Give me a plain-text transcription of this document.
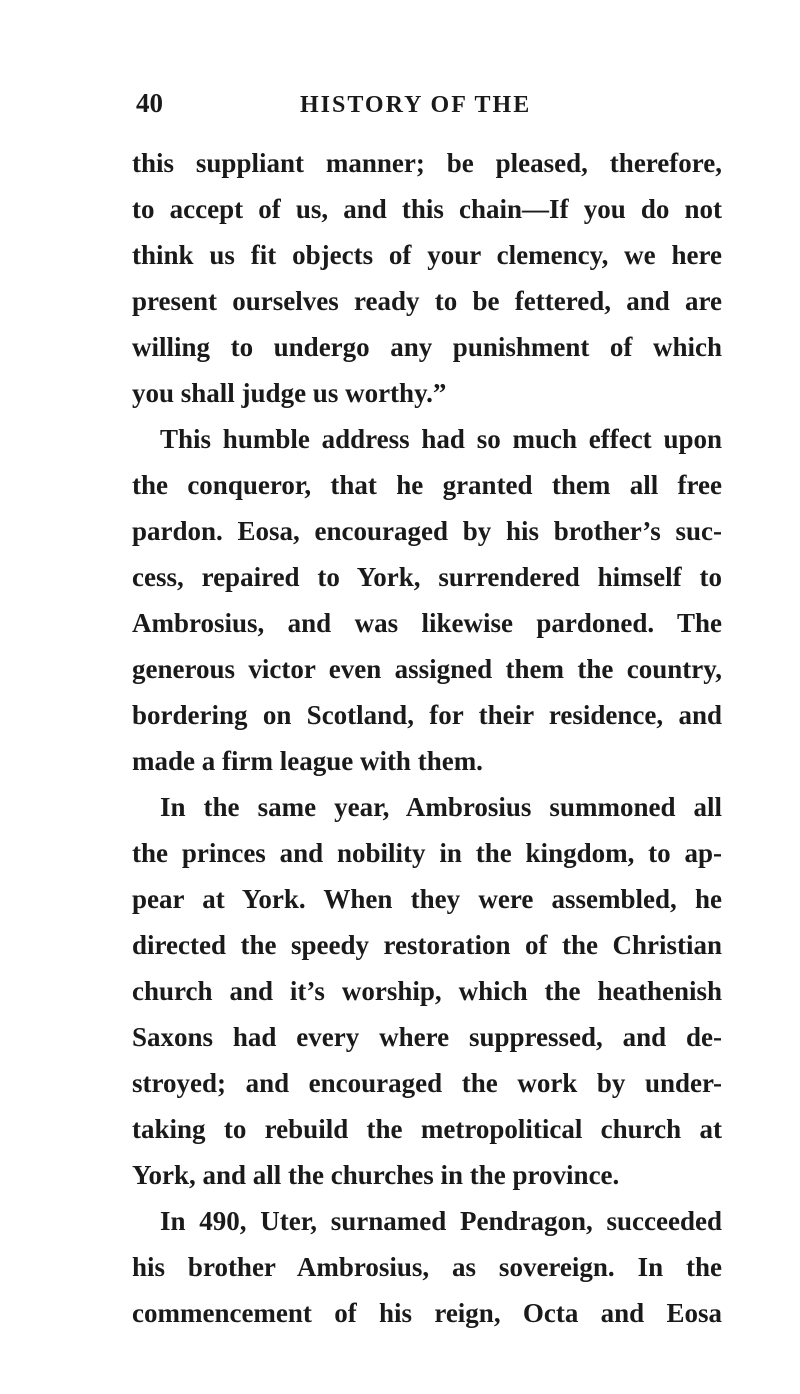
40	HISTORY OF THE
this suppliant manner; be pleased, therefore,
to accept of us, and this chain—If you do not
think us fit objects of your clemency, we here
present ourselves ready to be fettered, and are
willing to undergo any punishment of which
you shall judge us worthy.”
This humble address had so much effect upon
the conqueror, that he granted them all free
pardon. Eosa, encouraged by his brother’s suc-
cess, repaired to York, surrendered himself to
Ambrosius, and was likewise pardoned. The
generous victor even assigned them the country,
bordering on Scotland, for their residence, and
made a firm league with them.
In the same year, Ambrosius summoned all
the princes and nobility in the kingdom, to ap-
pear at York. When they were assembled, he
directed the speedy restoration of the Christian
church and it’s worship, which the heathenish
Saxons had every where suppressed, and de-
stroyed; and encouraged the work by under-
taking to rebuild the metropolitical church at
York, and all the churches in the province.
In 490, Uter, surnamed Pendragon, succeeded
his brother Ambrosius, as sovereign. In the
commencement of his reign, Octa and Eosa
